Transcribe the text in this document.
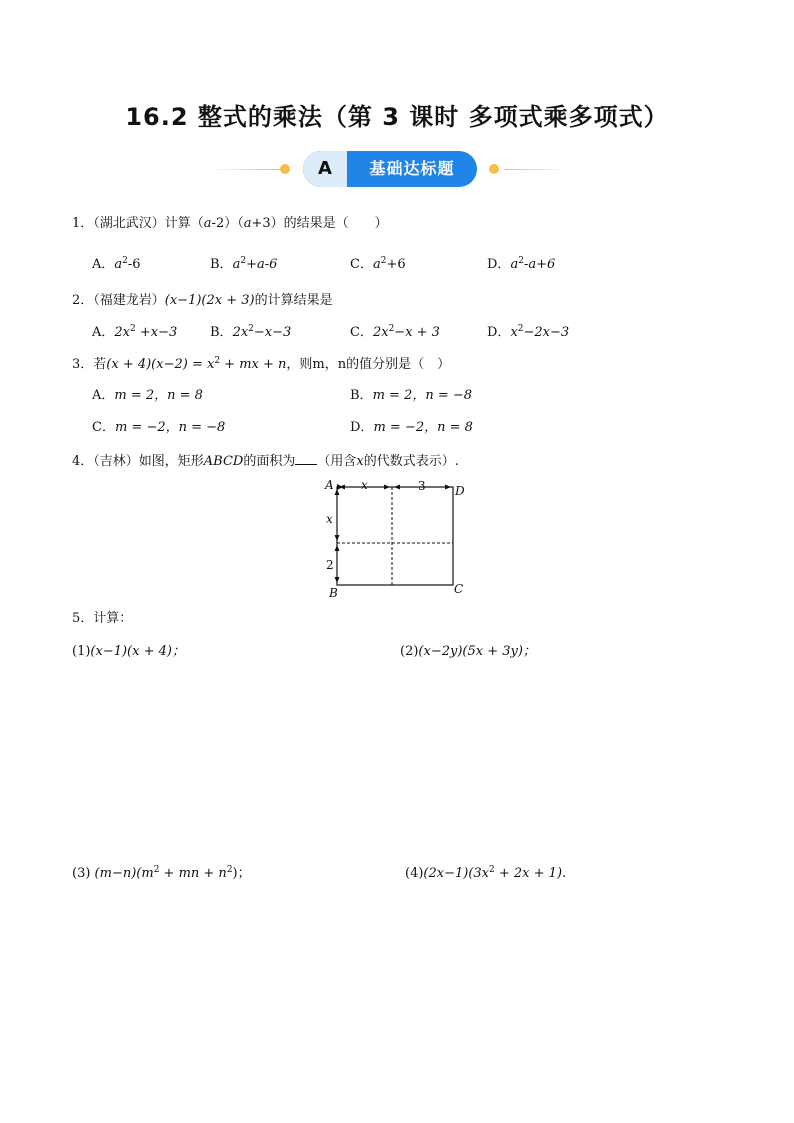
16.2 整式的乘法（第 3 课时 多项式乘多项式）
A	基础达标题
1．（湖北武汉）计算（a-2）（a+3）的结果是（　　）
A．$a^2-6$	B．$a^2+a-6$	C．$a^2+6$	D．$a^2-a+6$
2．（福建龙岩）(x−1)(2x + 3)的计算结果是
A．$2x^2 +x-3$	B．$2x^2-x-3$	C．$2x^2-x + 3$	D．$x^2-2x-3$
3．若$(x + 4)(x-2) = x^2$ + mx + n，则m，n的值分别是（　）
A．m = 2，n = 8	B．m = 2，n = −8
C．m = −2，n = −8	D．m = −2，n = 8
4．（吉林）如图，矩形ABCD的面积为 （用含x的代数式表示）.
A	D
B	C
x	3
x
2
5．计算：
(1)(x−1)(x + 4)；	(2)(x−2y)(5x + 3y)；
(3) $(m-n)(m^2$ + mn + $n^2$)；	$(4)(2x-1)(3x^2 + 2x + 1)$.
